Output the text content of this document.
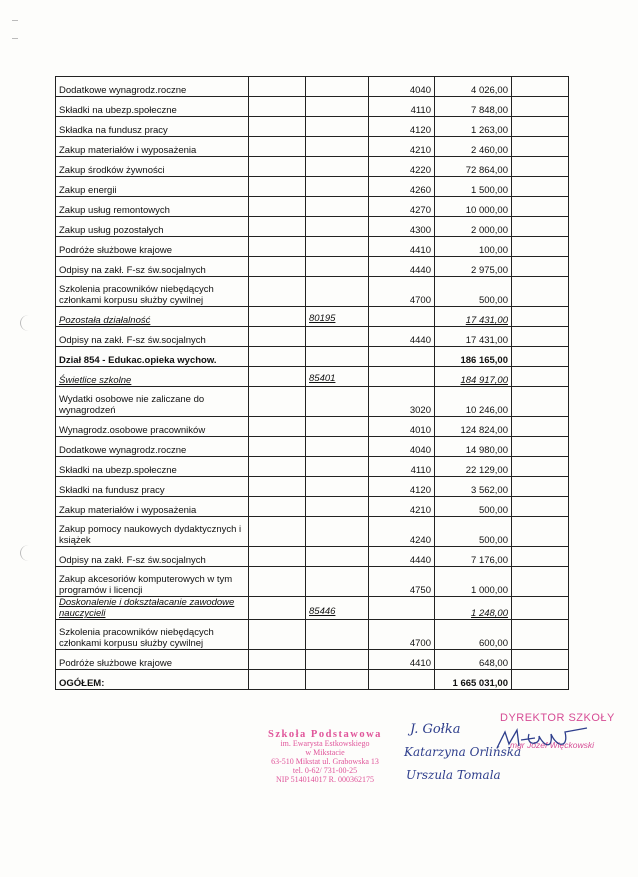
Dodatkowe wynagrodz.roczne			4040	4 026,00	
Składki na ubezp.społeczne			4110	7 848,00	
Składka na fundusz pracy			4120	1 263,00	
Zakup materiałów i wyposażenia			4210	2 460,00	
Zakup środków żywności			4220	72 864,00	
Zakup energii			4260	1 500,00	
Zakup usług remontowych			4270	10 000,00	
Zakup usług pozostałych			4300	2 000,00	
Podróże służbowe krajowe			4410	100,00	
Odpisy na zakł. F-sz św.socjalnych			4440	2 975,00	
Szkolenia pracowników niebędących członkami korpusu służby cywilnej			4700	500,00	
Pozostała działalność		80195		17 431,00	
Odpisy na zakł. F-sz św.socjalnych			4440	17 431,00	
Dział 854 - Edukac.opieka wychow.				186 165,00	
Świetlice szkolne		85401		184 917,00	
Wydatki osobowe nie zaliczane do wynagrodzeń			3020	10 246,00	
Wynagrodz.osobowe pracowników			4010	124 824,00	
Dodatkowe wynagrodz.roczne			4040	14 980,00	
Składki na ubezp.społeczne			4110	22 129,00	
Składki na fundusz pracy			4120	3 562,00	
Zakup materiałów i wyposażenia			4210	500,00	
Zakup pomocy naukowych dydaktycznych i książek			4240	500,00	
Odpisy na zakł. F-sz św.socjalnych			4440	7 176,00	
Zakup akcesoriów komputerowych w tym programów i licencji			4750	1 000,00	
Doskonalenie i dokształacanie zawodowe nauczycieli		85446		1 248,00	
Szkolenia pracowników niebędących członkami korpusu służby cywilnej			4700	600,00	
Podróże służbowe krajowe			4410	648,00	
OGÓŁEM:				1 665 031,00	
Szkoła Podstawowa
im. Ewarysta Estkowskiego
w Mikstacie
63-510 Mikstat ul. Grabowska 13
tel. 0-62/ 731-00-25
NIP 514014017 R. 000362175
DYREKTOR SZKOŁY
mgr Józef Więckowski
J. Gołka
Katarzyna Orlińska
Urszula Tomala
